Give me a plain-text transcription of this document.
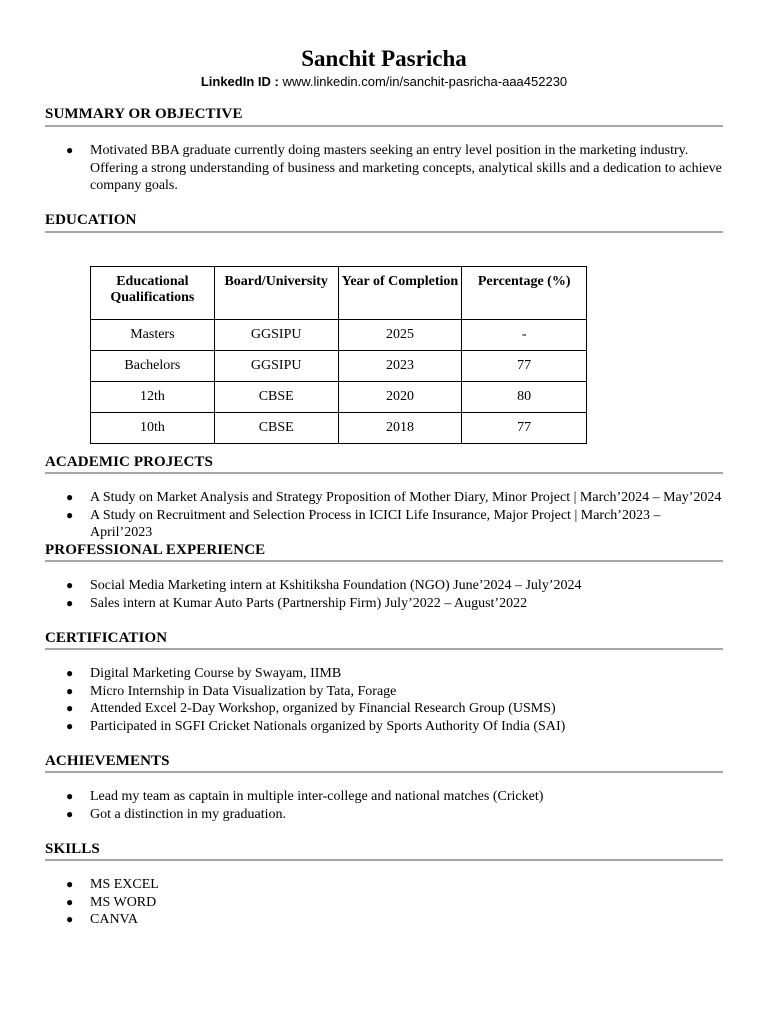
Sanchit Pasricha
LinkedIn ID : www.linkedin.com/in/sanchit-pasricha-aaa452230
SUMMARY OR OBJECTIVE
● Motivated BBA graduate currently doing masters seeking an entry level position in the marketing industry. Offering a strong understanding of business and marketing concepts, analytical skills and a dedication to achieve company goals.
EDUCATION
Educational Qualifications	Board/University	Year of Completion	Percentage (%)
Masters	GGSIPU	2025	-
Bachelors	GGSIPU	2023	77
12th	CBSE	2020	80
10th	CBSE	2018	77
ACADEMIC PROJECTS
● A Study on Market Analysis and Strategy Proposition of Mother Diary, Minor Project | March’2024 – May’2024
● A Study on Recruitment and Selection Process in ICICI Life Insurance, Major Project | March’2023 – April’2023
PROFESSIONAL EXPERIENCE
● Social Media Marketing intern at Kshitiksha Foundation (NGO) June’2024 – July’2024
● Sales intern at Kumar Auto Parts (Partnership Firm) July’2022 – August’2022
CERTIFICATION
● Digital Marketing Course by Swayam, IIMB
● Micro Internship in Data Visualization by Tata, Forage
● Attended Excel 2-Day Workshop, organized by Financial Research Group (USMS)
● Participated in SGFI Cricket Nationals organized by Sports Authority Of India (SAI)
ACHIEVEMENTS
● Lead my team as captain in multiple inter-college and national matches (Cricket)
● Got a distinction in my graduation.
SKILLS
● MS EXCEL
● MS WORD
● CANVA
